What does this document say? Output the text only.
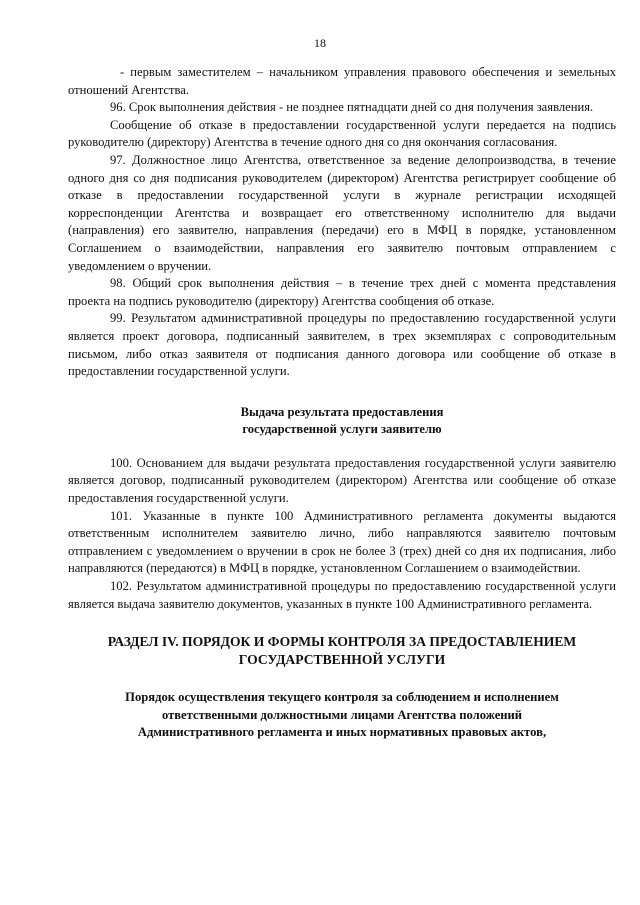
18

- первым заместителем – начальником управления правового обеспечения и земельных отношений Агентства.

96. Срок выполнения действия - не позднее пятнадцати дней со дня получения заявления.

Сообщение об отказе в предоставлении государственной услуги передается на подпись руководителю (директору) Агентства в течение одного дня со дня окончания согласования.

97. Должностное лицо Агентства, ответственное за ведение делопроизводства, в течение одного дня со дня подписания руководителем (директором) Агентства регистрирует сообщение об отказе в предоставлении государственной услуги в журнале регистрации исходящей корреспонденции Агентства и возвращает его ответственному исполнителю для выдачи (направления) его заявителю, направления (передачи) его в МФЦ в порядке, установленном Соглашением о взаимодействии, направления его заявителю почтовым отправлением с уведомлением о вручении.

98. Общий срок выполнения действия – в течение трех дней с момента представления проекта на подпись руководителю (директору) Агентства сообщения об отказе.

99. Результатом административной процедуры по предоставлению государственной услуги является проект договора, подписанный заявителем, в трех экземплярах с сопроводительным письмом, либо отказ заявителя от подписания данного договора или сообщение об отказе в предоставлении государственной услуги.

Выдача результата предоставления
государственной услуги заявителю

100. Основанием для выдачи результата предоставления государственной услуги заявителю является договор, подписанный руководителем (директором) Агентства или сообщение об отказе предоставления государственной услуги.

101. Указанные в пункте 100 Административного регламента документы выдаются ответственным исполнителем заявителю лично, либо направляются заявителю почтовым отправлением с уведомлением о вручении в срок не более 3 (трех) дней со дня их подписания, либо направляются (передаются) в МФЦ в порядке, установленном Соглашением о взаимодействии.

102. Результатом административной процедуры по предоставлению государственной услуги является выдача заявителю документов, указанных в пункте 100 Административного регламента.

РАЗДЕЛ IV. ПОРЯДОК И ФОРМЫ КОНТРОЛЯ ЗА ПРЕДОСТАВЛЕНИЕМ
ГОСУДАРСТВЕННОЙ УСЛУГИ
Порядок осуществления текущего контроля за соблюдением и исполнением
ответственными должностными лицами Агентства положений
Административного регламента и иных нормативных правовых актов,
